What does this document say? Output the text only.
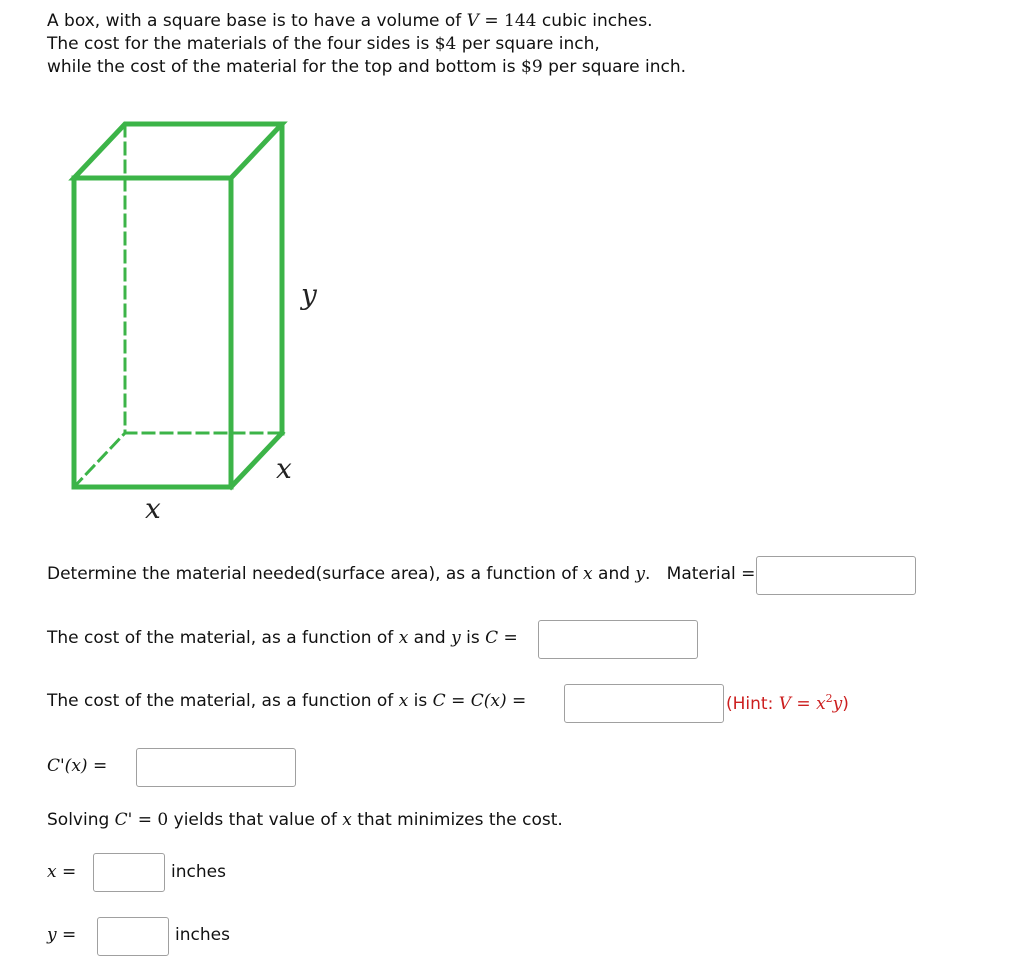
A box, with a square base is to have a volume of V = 144 cubic inches.
The cost for the materials of the four sides is $4 per square inch,
while the cost of the material for the top and bottom is $9 per square inch.
y
x
x
Determine the material needed(surface area), as a function of x and y. Material =
The cost of the material, as a function of x and y is C =
The cost of the material, as a function of x is C = C(x) =	(Hint: $V = x^2y$)
C'(x) =
Solving C' = 0 yields that value of x that minimizes the cost.
x =	inches
y =	inches
